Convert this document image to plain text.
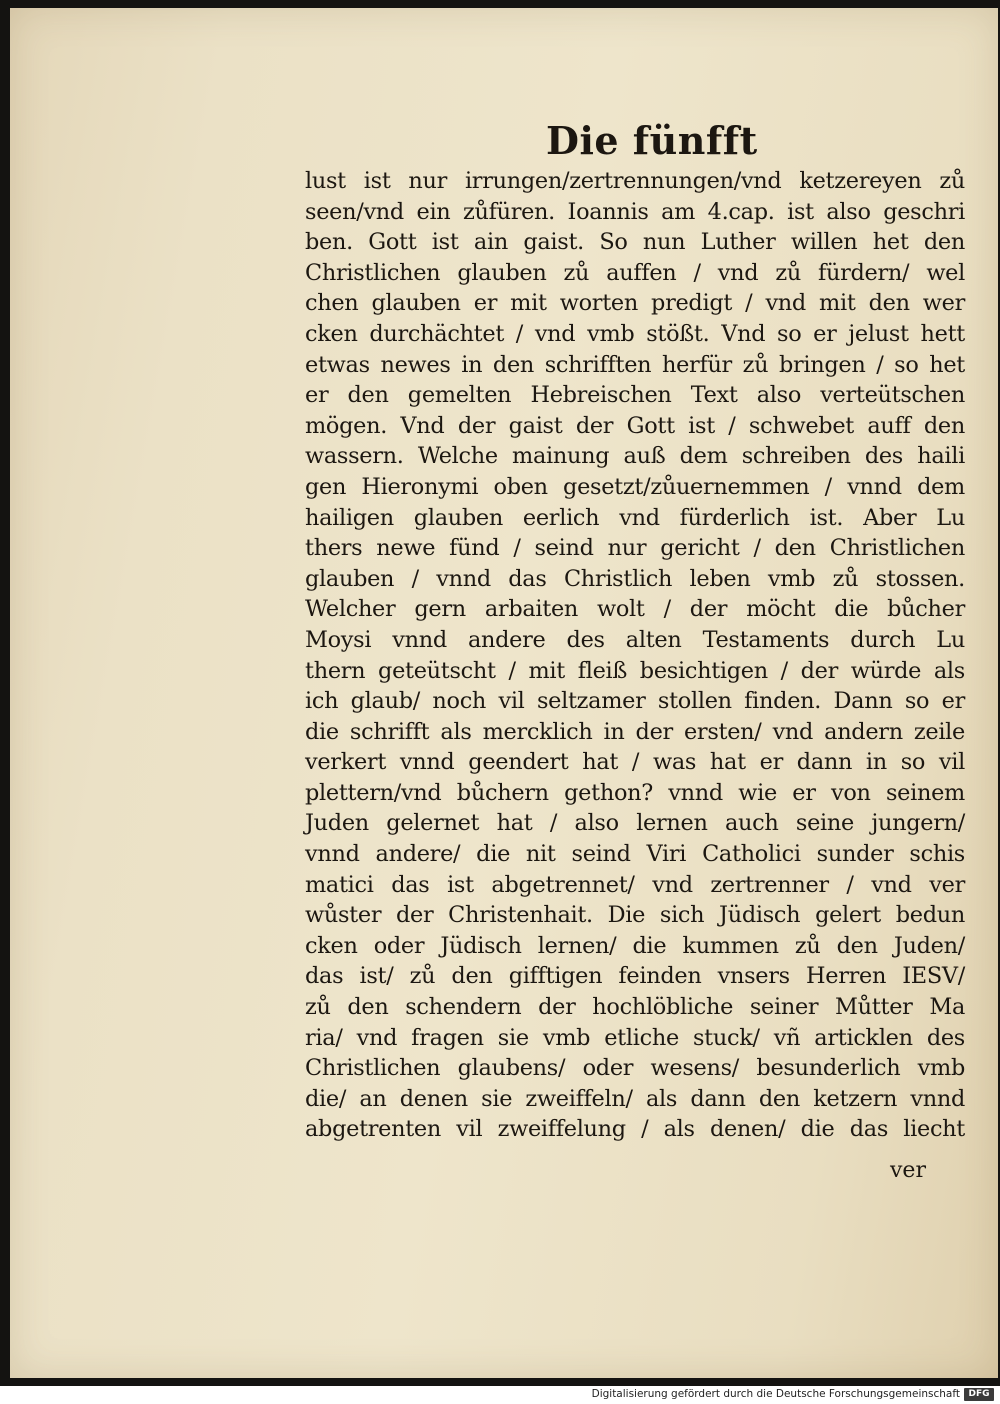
Die fünfft
lust ist nur irrungen/zertrennungen/vnd ketzereyen zů
seen/vnd ein zůfüren. Ioannis am 4.cap. ist also geschri
ben. Gott ist ain gaist. So nun Luther willen het den
Christlichen glauben zů auffen / vnd zů fürdern/ wel
chen glauben er mit worten predigt / vnd mit den wer
cken durchächtet / vnd vmb stößt. Vnd so er jelust hett
etwas newes in den schrifften herfür zů bringen / so het
er den gemelten Hebreischen Text also verteütschen
mögen. Vnd der gaist der Gott ist / schwebet auff den
wassern. Welche mainung auß dem schreiben des haili
gen Hieronymi oben gesetzt/zůuernemmen / vnnd dem
hailigen glauben eerlich vnd fürderlich ist. Aber Lu
thers newe fünd / seind nur gericht / den Christlichen
glauben / vnnd das Christlich leben vmb zů stossen.
Welcher gern arbaiten wolt / der möcht die bůcher
Moysi vnnd andere des alten Testaments durch Lu
thern geteütscht / mit fleiß besichtigen / der würde als
ich glaub/ noch vil seltzamer stollen finden. Dann so er
die schrifft als mercklich in der ersten/ vnd andern zeile
verkert vnnd geendert hat / was hat er dann in so vil
plettern/vnd bůchern gethon? vnnd wie er von seinem
Juden gelernet hat / also lernen auch seine jungern/
vnnd andere/ die nit seind Viri Catholici sunder schis
matici das ist abgetrennet/ vnd zertrenner / vnd ver
wůster der Christenhait. Die sich Jüdisch gelert bedun
cken oder Jüdisch lernen/ die kummen zů den Juden/
das ist/ zů den gifftigen feinden vnsers Herren IESV/
zů den schendern der hochlöbliche seiner Můtter Ma
ria/ vnd fragen sie vmb etliche stuck/ vñ articklen des
Christlichen glaubens/ oder wesens/ besunderlich vmb
die/ an denen sie zweiffeln/ als dann den ketzern vnnd
abgetrenten vil zweiffelung / als denen/ die das liecht
ver
Digitalisierung gefördert durch die Deutsche Forschungsgemeinschaft DFG
